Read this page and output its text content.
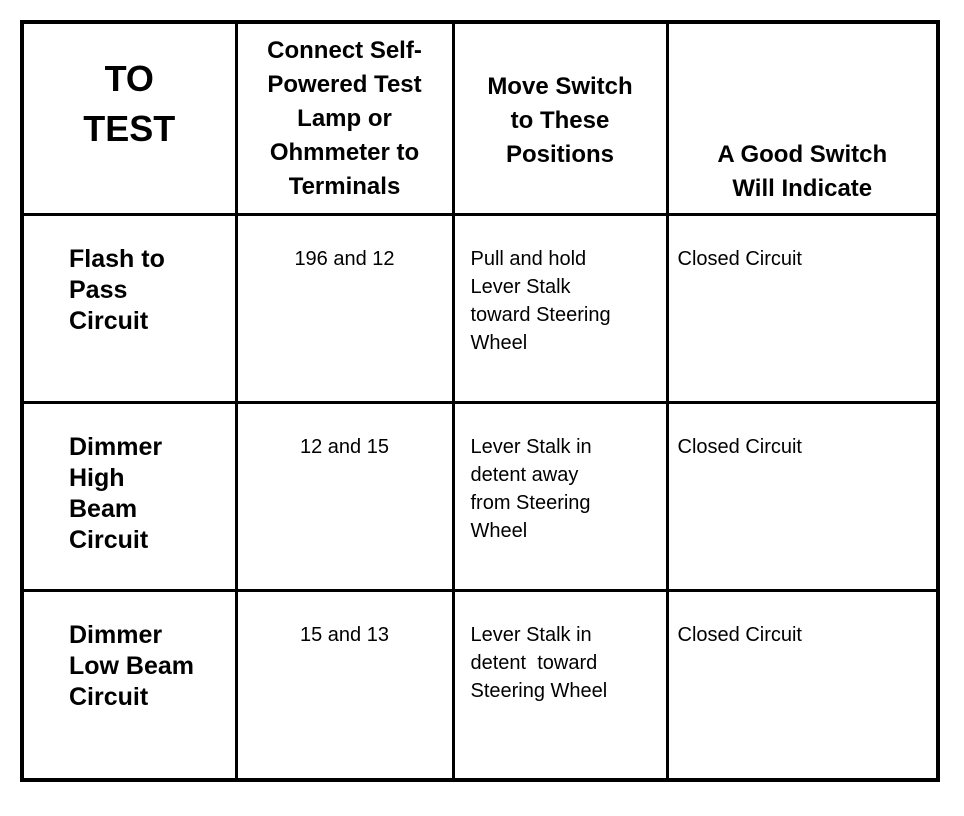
TO
TEST	Connect Self-
Powered Test
Lamp or
Ohmmeter to
Terminals	Move Switch
to These
Positions	A Good Switch
Will Indicate

Flash to
Pass
Circuit	196 and 12	Pull and hold
Lever Stalk
toward Steering
Wheel	Closed Circuit

Dimmer
High
Beam
Circuit	12 and 15	Lever Stalk in
detent away
from Steering
Wheel	Closed Circuit

Dimmer
Low Beam
Circuit	15 and 13	Lever Stalk in
detent  toward
Steering Wheel	Closed Circuit
